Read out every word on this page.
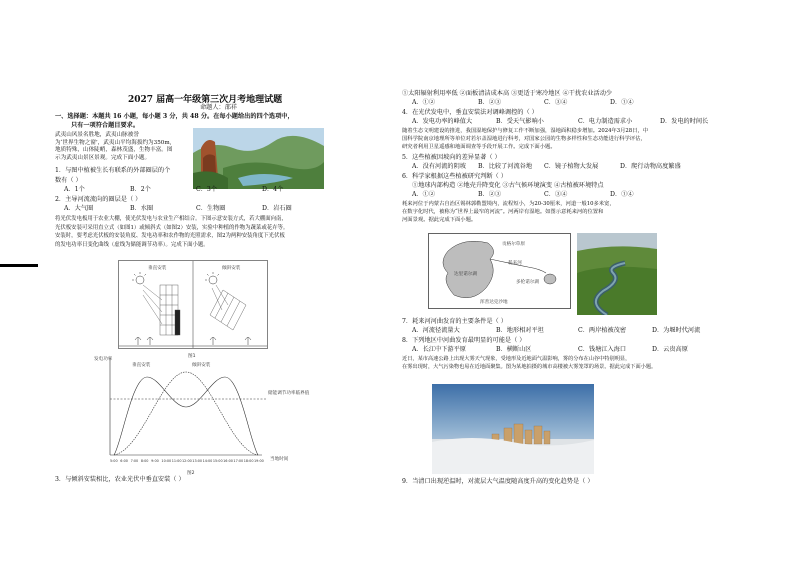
2027 届高一年级第三次月考地理试题
命题人：邵祥
一、选择题：本题共 16 小题，每小题 3 分，共 48 分。在每小题给出的四个选项中，
只有一项符合题目要求。
武夷山风景名胜地，武夷山脉被誉
为‘世界生物之窗’，武夷山平均海拔约为350m,
地质特殊，山体陡峭，森林茂盛，生物丰富。图
示为武夷山景区景观。完成下面小题。
1．与图中植被生长有联系的外部圈层的个
数有（ ）
A．1个	B．2个	C．3个	D．4个
2．主导河流流向的圈层是（ ）
A．大气圈	B．水圈	C．生物圈	D．岩石圈
将光伏发电板用于农业大棚，使光伏发电与农业生产相结合。下图示意安装方式，若大棚面向南，
光伏板安装可采用直立式（如图1）或倾斜式（如图2）安装，实验中种植的作物为蔬菜或花卉等。
安装时，要考虑光伏板的安装角度、发电功率和农作物的光照需求，图2为两种安装角度下光伏板
的发电功率日变化曲线（虚线为储能调节功率）。完成下面小题。
垂直安装	倾斜安装
图1
发电功率
倾斜安装
垂直安装
储能调节功率临界值
当地时间
5:00 6:00 7:00 8:00 9:00 10:00 11:00 12:00 13:00 14:00 15:00 16:00 17:00 18:00 19:00
图2
3．与倾斜安装相比，农业光伏中垂直安装（ ）
①太阳辐射利用率低 ②面板清洁成本高 ③更适于寒冷地区 ④干扰农业活动少
A．①②	B．②③	C．③④	D．①④
4．在光伏发电中，垂直安装法对调峰调控的（ ）
A．发电功率的峰值大	B．受天气影响小	C．电力制造需求小	D．发电的时间长
随着生态文明建设的推进，我国湿地保护与修复工作不断加强，湿地面积稳步增加。2024年3月28日，中
国科学院南京地理所等单位对若尔盖湿地进行科考，对国家公园的生物多样性和生态功能进行科学评估，
研究者利用卫星遥感和地面调查等手段开展工作。完成下面小题。
5．这些植被因坡向的差异显著（ ）
A．没有河流的阴坡 B．比较了河流谷地 C．镜子植物大发展	D．爬行动物高度繁盛
6．科学家根据这些植被研究判断（ ）
①地球内部构造 ②地壳升降变化 ③古气候环境演变 ④古植被环境特点
A．①②	B．②③	C．③④	D．①④
耗来河位于内蒙古自治区锡林郭勒盟境内，流程短小，为20-30厘米，河道一般10多米宽，
在数字化时代，被称为“世界上最窄的河流”。河两岸有湿地。如图示意耗来河的位置和
河面景观。据此完成下面小题。
贡格尔草原
耗来河
达里诺尔湖
多伦诺尔湖
浑善达克沙地
7．耗来河河曲发育的主要条件是（ ）
A．河流径流量大	B．地形相对平坦	C．两岸植被茂密	D．为堰时代河流
8．下列地区中河曲发育最明显的可能是（ ）
A．长江中下游平原	B．横断山区	C．钱塘江入海口	D．云贵高原
近日，某市高速公路上出现大雾天气现象，受地形及近地面气温影响，雾的分布在山谷中特别明显，
在雾出现时，大气污染物也易在近地面聚集。图为某地拍摄的城市高楼被大雾笼罩的场景。据此完成下面小题。
9．当清口出现逆温时，对流层大气温度随高度升高的变化趋势是（ ）
